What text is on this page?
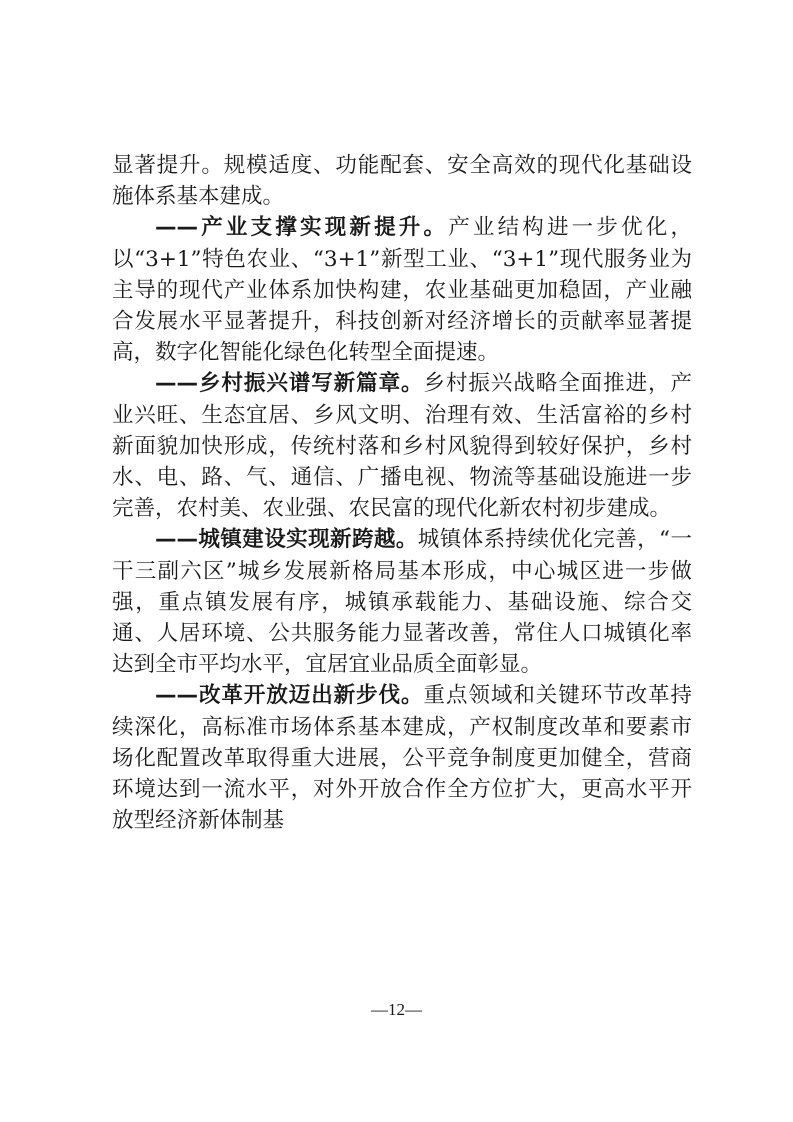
显著提升。规模适度、功能配套、安全高效的现代化基础设施体系基本建成。

——产业支撑实现新提升。产业结构进一步优化，以“3+1”特色农业、“3+1”新型工业、“3+1”现代服务业为主导的现代产业体系加快构建，农业基础更加稳固，产业融合发展水平显著提升，科技创新对经济增长的贡献率显著提高，数字化智能化绿色化转型全面提速。

——乡村振兴谱写新篇章。乡村振兴战略全面推进，产业兴旺、生态宜居、乡风文明、治理有效、生活富裕的乡村新面貌加快形成，传统村落和乡村风貌得到较好保护，乡村水、电、路、气、通信、广播电视、物流等基础设施进一步完善，农村美、农业强、农民富的现代化新农村初步建成。

——城镇建设实现新跨越。城镇体系持续优化完善，“一干三副六区”城乡发展新格局基本形成，中心城区进一步做强，重点镇发展有序，城镇承载能力、基础设施、综合交通、人居环境、公共服务能力显著改善，常住人口城镇化率达到全市平均水平，宜居宜业品质全面彰显。

——改革开放迈出新步伐。重点领域和关键环节改革持续深化，高标准市场体系基本建成，产权制度改革和要素市场化配置改革取得重大进展，公平竞争制度更加健全，营商环境达到一流水平，对外开放合作全方位扩大，更高水平开放型经济新体制基

—12—
